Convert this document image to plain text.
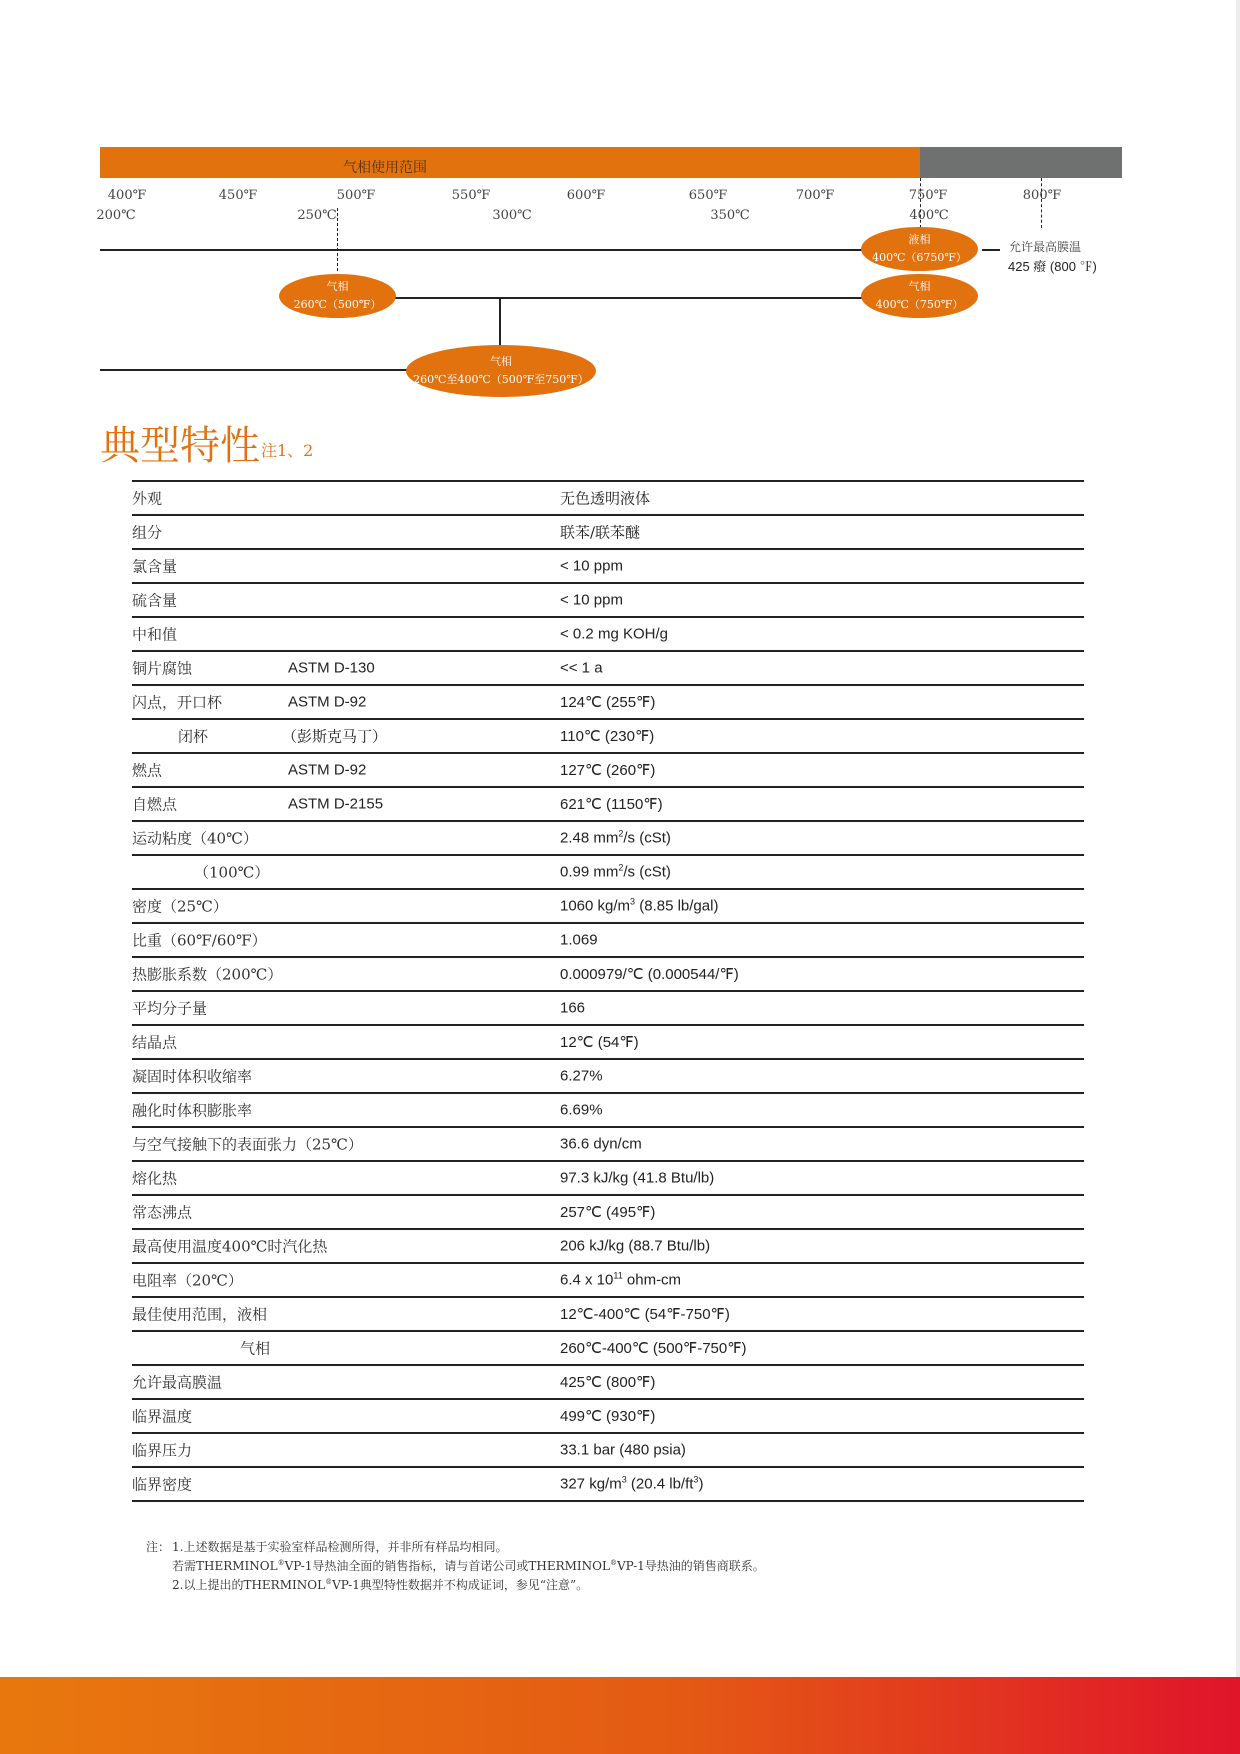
气相使用范围
400℉	450℉	500℉	550℉	600℉	650℉	700℉	750℉	800℉
200℃	250℃	300℃	350℃	400℃
液相
400℃（6750℉）
气相
260℃（500℉）
气相
400℃（750℉）
气相
260℃至400℃（500℉至750℉）
允许最高膜温
425 癈 (800 ℉)
典型特性 注1、2
外观	无色透明液体
组分	联苯/联苯醚
氯含量	< 10 ppm
硫含量	< 10 ppm
中和值	< 0.2 mg KOH/g
铜片腐蚀	ASTM D-130	<< 1 a
闪点，开口杯	ASTM D-92	124℃ (255℉)
闭杯	（彭斯克马丁）	110℃ (230℉)
燃点	ASTM D-92	127℃ (260℉)
自燃点	ASTM D-2155	621℃ (1150℉)
运动粘度（40℃）	2.48 $mm^2/s$ (cSt)
（100℃）	0.99 $mm^2/s$ (cSt)
密度（25℃）	1060 $kg/m^3$ (8.85 lb/gal)
比重（60℉/60℉）	1.069
热膨胀系数（200℃）	0.000979/℃ (0.000544/℉)
平均分子量	166
结晶点	12℃ (54℉)
凝固时体积收缩率	6.27%
融化时体积膨胀率	6.69%
与空气接触下的表面张力（25℃）	36.6 dyn/cm
熔化热	97.3 kJ/kg (41.8 Btu/lb)
常态沸点	257℃ (495℉)
最高使用温度400℃时汽化热	206 kJ/kg (88.7 Btu/lb)
电阻率（20℃）	6.4 x $10^{11}$ ohm-cm
最佳使用范围，液相	12℃-400℃ (54℉-750℉)
气相	260℃-400℃ (500℉-750℉)
允许最高膜温	425℃ (800℉)
临界温度	499℃ (930℉)
临界压力	33.1 bar (480 psia)
临界密度	327 $kg/m^3$ (20.4 $lb/ft^3$)
注： 1.上述数据是基于实验室样品检测所得，并非所有样品均相同。
若需THERMINOL®VP-1导热油全面的销售指标，请与首诺公司或THERMINOL®VP-1导热油的销售商联系。
2.以上提出的THERMINOL®VP-1典型特性数据并不构成证词，参见“注意”。
